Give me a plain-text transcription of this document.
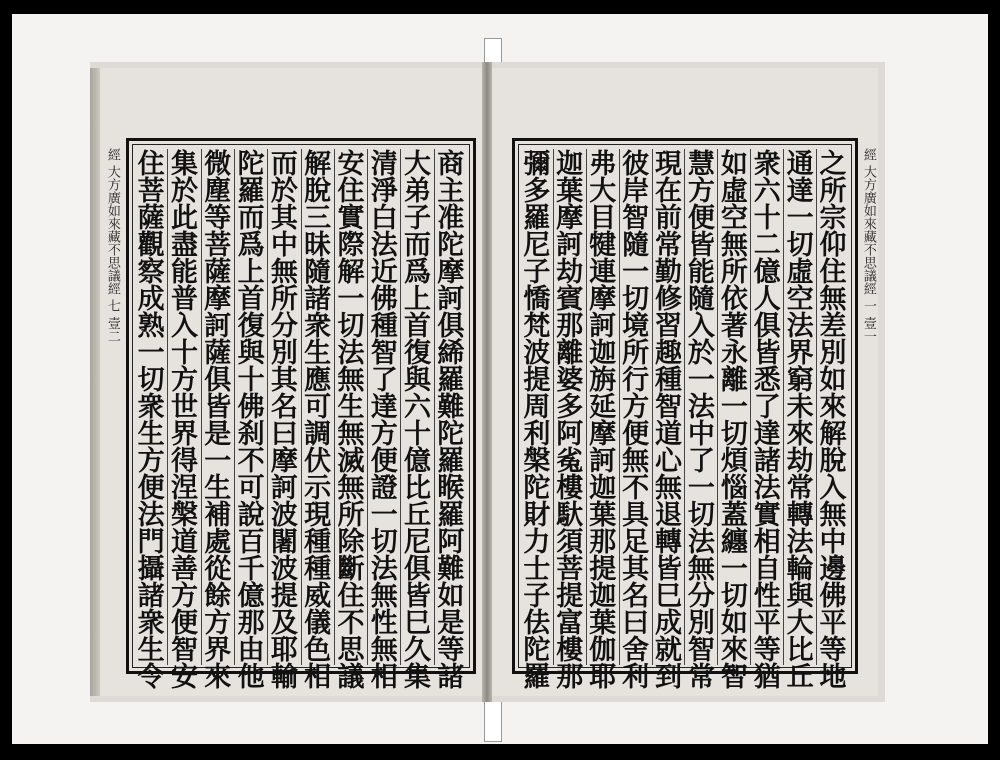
商
主
准
陀
摩
訶
俱
絺
羅
難
陀
羅
睺
羅
阿
難
如
是
等
諸
大
弟
子
而
爲
上
首
復
與
六
十
億
比
丘
尼
俱
皆
巳
久
集
清
淨
白
法
近
佛
種
智
了
達
方
便
證
一
切
法
無
性
無
相
安
住
實
際
解
一
切
法
無
生
無
滅
無
所
除
斷
住
不
思
議
解
脫
三
昧
隨
諸
衆
生
應
可
調
伏
示
現
種
種
威
儀
色
相
而
於
其
中
無
所
分
別
其
名
曰
摩
訶
波
闍
波
提
及
耶
輸
陀
羅
而
爲
上
首
復
與
十
佛
刹
不
可
說
百
千
億
那
由
他
微
塵
等
菩
薩
摩
訶
薩
俱
皆
是
一
生
補
處
從
餘
方
界
來
集
於
此
盡
能
普
入
十
方
世
界
得
涅
槃
道
善
方
便
智
安
住
菩
薩
觀
察
成
熟
一
切
衆
生
方
便
法
門
攝
諸
衆
生
令
經 大方廣如來藏不思議經 七 壹二	之
所
宗
仰
住
無
差
別
如
來
解
脫
入
無
中
邊
佛
平
等
地
通
達
一
切
虛
空
法
界
窮
未
來
劫
常
轉
法
輪
與
大
比
丘
衆
六
十
二
億
人
俱
皆
悉
了
達
諸
法
實
相
自
性
平
等
猶
如
虛
空
無
所
依
著
永
離
一
切
煩
惱
蓋
纏
一
切
如
來
智
慧
方
便
皆
能
隨
入
於
一
法
中
了
一
切
法
無
分
別
智
常
現
在
前
常
勤
修
習
趣
種
智
道
心
無
退
轉
皆
巳
成
就
到
彼
岸
智
隨
一
切
境
所
行
方
便
無
不
具
足
其
名
曰
舍
利
弗
大
目
犍
連
摩
訶
迦
旃
延
摩
訶
迦
葉
那
提
迦
葉
伽
耶
迦
葉
摩
訶
劫
賓
那
離
婆
多
阿
㝹
樓
馱
須
菩
提
富
樓
那
彌
多
羅
尼
子
憍
梵
波
提
周
利
槃
陀
財
力
士
子
佉
陀
羅
經 大方廣如來藏不思議經 一 壹一
